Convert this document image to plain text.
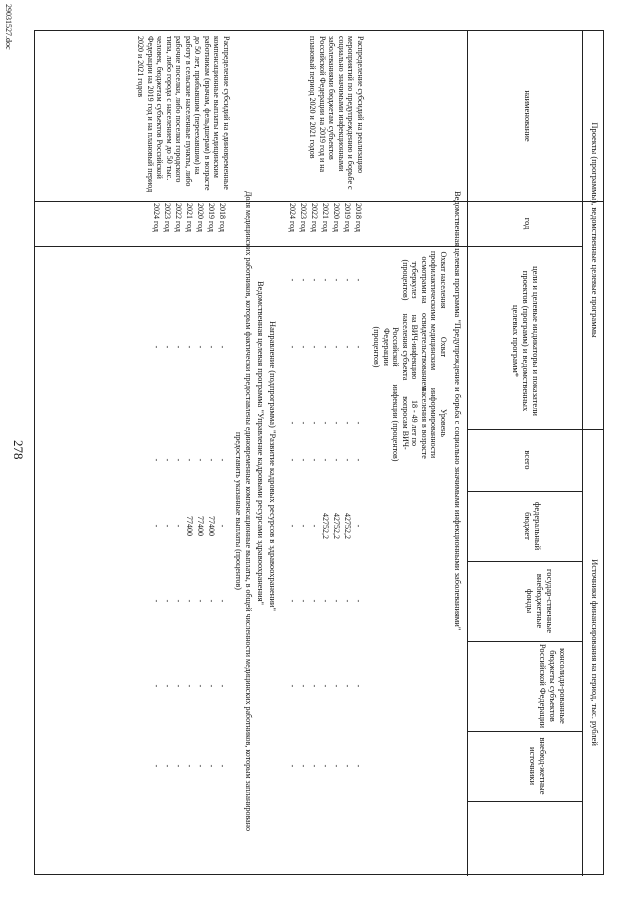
278
Проекты (программы), ведомственные целевые программы
Источники финансирования на период, тыс. рублей
наименование
год
цели и целевые индикаторы и показатели проектов (программ) и ведомственных целевых программ*
всего
федеральный бюджет
государ-ственные внебюджетные фонды
консолиди-рованные бюджеты субъектов Российской Федерации
внебюд-жетные источники
Ведомственная целевая программа "Предупреждение и борьба с социально значимыми инфекционными заболеваниями"
Распределение субсидий на реализацию мероприятий по предупреждению и борьбе с социально значимыми инфекционными заболеваниями бюджетам субъектов Российской Федерации на 2019 год и на плановый период 2020 и 2021 годов
Охват населения профилактическими осмотрами на туберкулез (процентов)
Охват медицинским освидетельствованием на ВИЧ-инфекцию населения субъекта Российской Федерации (процентов)
Уровень информированности населения в возрасте 18 - 49 лет по вопросам ВИЧ-инфекции (процентов)
2018 год
-
-
-
-
-
-
-
-
2019 год
-
-
-
-
42752,2
-
-
-
2020 год
-
-
-
-
42752,2
-
-
-
2021 год
-
-
-
-
42752,2
-
-
-
2022 год
-
-
-
-
-
-
-
-
2023 год
-
-
-
-
-
-
-
-
2024 год
-
-
-
-
-
-
-
-
Направление (подпрограмма) "Развитие кадровых ресурсов в здравоохранении"
Ведомственная целевая программа "Управление кадровыми ресурсами здравоохранения"
Доля медицинских работников, которым фактически предоставлены единовременные компенсационные выплаты, в общей численности медицинских работников, которым запланировано предоставить указанные выплаты (процентов)
Распределение субсидий на единовременные компенсационные выплаты медицинским работникам (врачам, фельдшерам) в возрасте до 50 лет, прибывшим (переехавшим) на работу в сельские населенные пункты, либо рабочие поселки, либо поселки городского типа, либо города с населением до 50 тыс. человек, бюджетам субъектов Российской Федерации на 2019 год и на плановый период 2020 и 2021 годов
2018 год
-
-
-
-
-
-
2019 год
-
-
77400
-
-
-
2020 год
-
-
77400
-
-
-
2021 год
-
-
77400
-
-
-
2022 год
-
-
-
-
-
-
2023 год
-
-
-
-
-
-
2024 год
-
-
-
-
-
-
29031527.doc
